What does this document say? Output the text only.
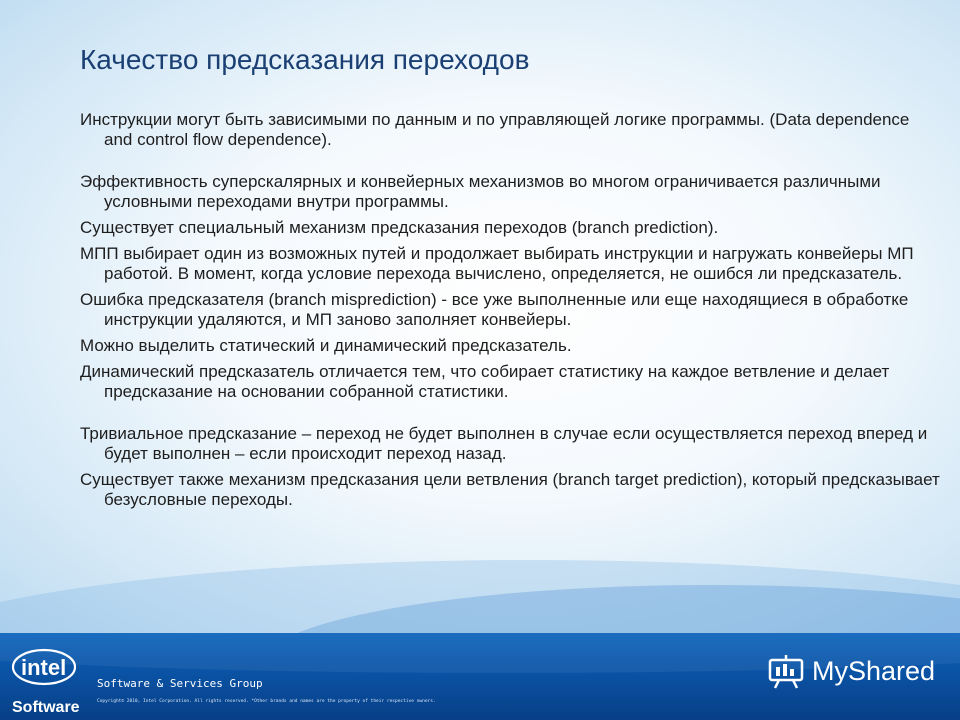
Качество предсказания переходов

Инструкции могут быть зависимыми по данным и по управляющей логике программы. (Data dependence and control flow dependence).

Эффективность суперскалярных и конвейерных механизмов во многом ограничивается различными условными переходами внутри программы.

Существует специальный механизм предсказания переходов (branch prediction).

МПП выбирает один из возможных путей и продолжает выбирать инструкции и нагружать конвейеры МП работой. В момент, когда условие перехода вычислено, определяется, не ошибся ли предсказатель.

Ошибка предсказателя (branch misprediction) - все уже выполненные или еще находящиеся в обработке инструкции удаляются, и МП заново заполняет конвейеры.

Можно выделить статический и динамический предсказатель.

Динамический предсказатель отличается тем, что собирает статистику на каждое ветвление и делает предсказание на основании собранной статистики.

Тривиальное предсказание – переход не будет выполнен в случае если осуществляется переход вперед и будет выполнен – если происходит переход назад.

Существует также механизм предсказания цели ветвления (branch target prediction), который предсказывает безусловные переходы.

intel
Software
Software & Services Group
Copyright© 2010, Intel Corporation. All rights reserved. *Other brands and names are the property of their respective owners.
MyShared
